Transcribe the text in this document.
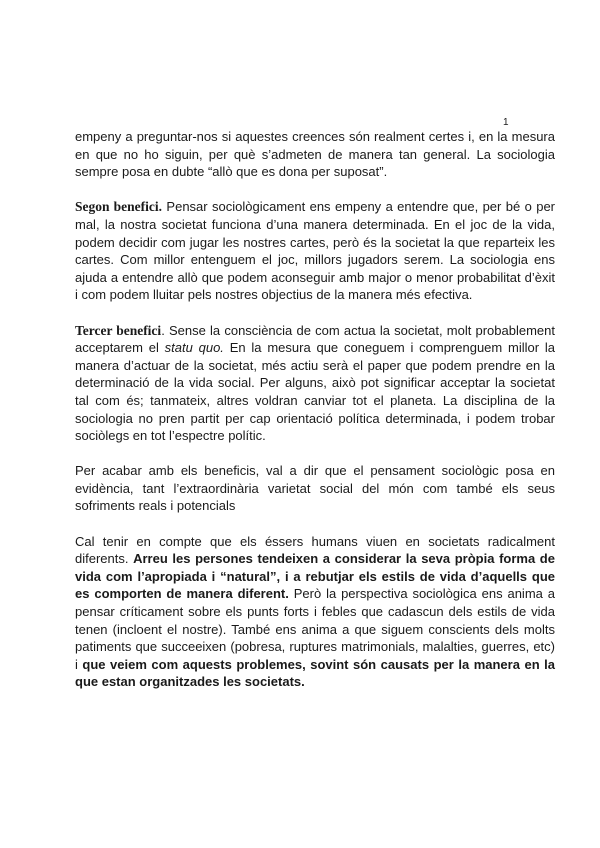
1

empeny a preguntar-nos si aquestes creences són realment certes i, en la mesura en que no ho siguin, per què s’admeten de manera tan general. La sociologia sempre posa en dubte “allò que es dona per suposat”.

Segon benefici. Pensar sociològicament ens empeny a entendre que, per bé o per mal, la nostra societat funciona d’una manera determinada. En el joc de la vida, podem decidir com jugar les nostres cartes, però és la societat la que reparteix les cartes. Com millor entenguem el joc, millors jugadors serem. La sociologia ens ajuda a entendre allò que podem aconseguir amb major o menor probabilitat d’èxit i com podem lluitar pels nostres objectius de la manera més efectiva.

Tercer benefici. Sense la consciència de com actua la societat, molt probablement acceptarem el statu quo. En la mesura que coneguem i comprenguem millor la manera d’actuar de la societat, més actiu serà el paper que podem prendre en la determinació de la vida social. Per alguns, això pot significar acceptar la societat tal com és; tanmateix, altres voldran canviar tot el planeta. La disciplina de la sociologia no pren partit per cap orientació política determinada, i podem trobar sociòlegs en tot l’espectre polític.

Per acabar amb els beneficis, val a dir que el pensament sociològic posa en evidència, tant l’extraordinària varietat social del món com també els seus sofriments reals i potencials

Cal tenir en compte que els éssers humans viuen en societats radicalment diferents. Arreu les persones tendeixen a considerar la seva pròpia forma de vida com l’apropiada i “natural”, i a rebutjar els estils de vida d’aquells que es comporten de manera diferent. Però la perspectiva sociològica ens anima a pensar críticament sobre els punts forts i febles que cadascun dels estils de vida tenen (incloent el nostre). També ens anima a que siguem conscients dels molts patiments que succeeixen (pobresa, ruptures matrimonials, malalties, guerres, etc) i que veiem com aquests problemes, sovint són causats per la manera en la que estan organitzades les societats.
